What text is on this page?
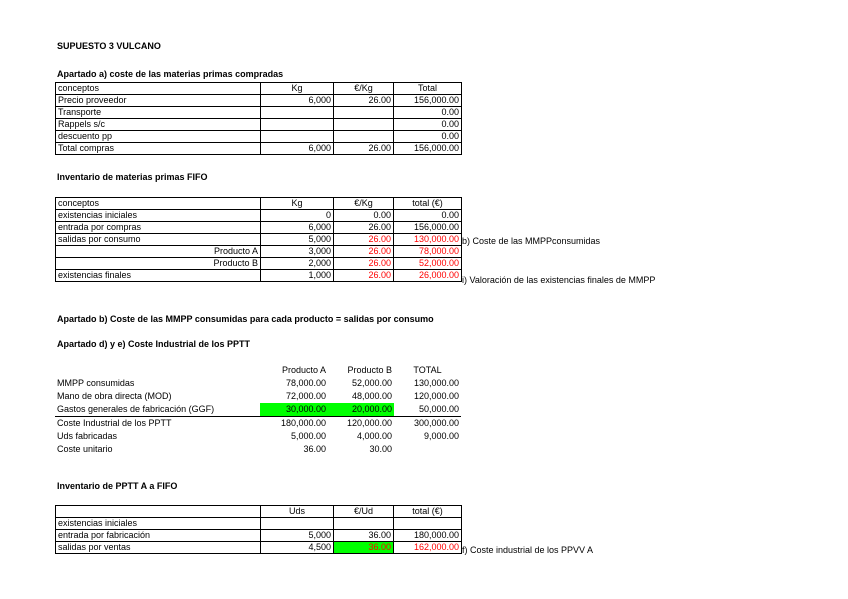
SUPUESTO 3 VULCANO
Apartado a) coste de las materias primas compradas
conceptos	Kg	€/Kg	Total
Precio proveedor	6,000	26.00	156,000.00
Transporte			0.00
Rappels s/c			0.00
descuento pp			0.00
Total compras	6,000	26.00	156,000.00
Inventario de materias primas FIFO
conceptos	Kg	€/Kg	total (€)
existencias iniciales	0	0.00	0.00
entrada por compras	6,000	26.00	156,000.00
salidas por consumo	5,000	26.00	130,000.00
Producto A	3,000	26.00	78,000.00
Producto B	2,000	26.00	52,000.00
existencias finales	1,000	26.00	26,000.00
b) Coste de las MMPPconsumidas
i) Valoración de las existencias finales de MMPP
Apartado b) Coste de las MMPP consumidas para cada producto = salidas por consumo
Apartado d) y e) Coste Industrial de los PPTT
	Producto A	Producto B	TOTAL
MMPP consumidas	78,000.00	52,000.00	130,000.00
Mano de obra directa (MOD)	72,000.00	48,000.00	120,000.00
Gastos generales de fabricación (GGF)	30,000.00	20,000.00	50,000.00
Coste Industrial de los PPTT	180,000.00	120,000.00	300,000.00
Uds fabricadas	5,000.00	4,000.00	9,000.00
Coste unitario	36.00	30.00	
Inventario de PPTT A a FIFO
	Uds	€/Ud	total (€)
existencias iniciales			
entrada por fabricación	5,000	36.00	180,000.00
salidas por ventas	4,500	36.00	162,000.00 f) Coste industrial de los PPVV A
